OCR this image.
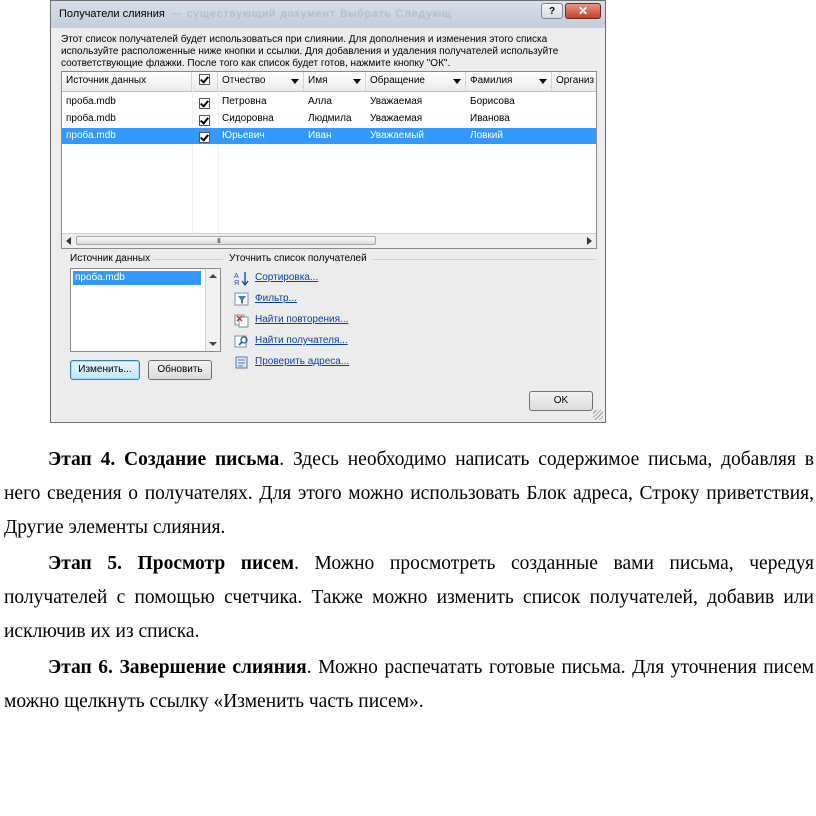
Получатели слияния — существующий документ Выбрать Следующ	?	✕
Этот список получателей будет использоваться при слиянии. Для дополнения и изменения этого списка используйте расположенные ниже кнопки и ссылки. Для добавления и удаления получателей используйте соответствующие флажки. После того как список будет готов, нажмите кнопку "ОК".
Источник данных	Отчество	Имя	Обращение	Фамилия	Организ
проба.mdb	Петровна	Алла	Уважаемая	Борисова
проба.mdb	Сидоровна	Людмила	Уважаемая	Иванова
проба.mdb	Юрьевич	Иван	Уважаемый	Ловкий
III
Источник данных
проба.mdb
Изменить...	Обновить
Уточнить список получателей
A
Я
Сортировка...
Фильтр...
Найти повторения...
Найти получателя...
Проверить адреса...
OK
Этап 4. Создание письма. Здесь необходимо написать содержимое письма, добавляя в него сведения о получателях. Для этого можно использовать Блок адреса, Строку приветствия, Другие элементы слияния.
Этап 5. Просмотр писем. Можно просмотреть созданные вами письма, чередуя получателей с помощью счетчика. Также можно изменить список получателей, добавив или исключив их из списка.
Этап 6. Завершение слияния. Можно распечатать готовые письма. Для уточнения писем можно щелкнуть ссылку «Изменить часть писем».
